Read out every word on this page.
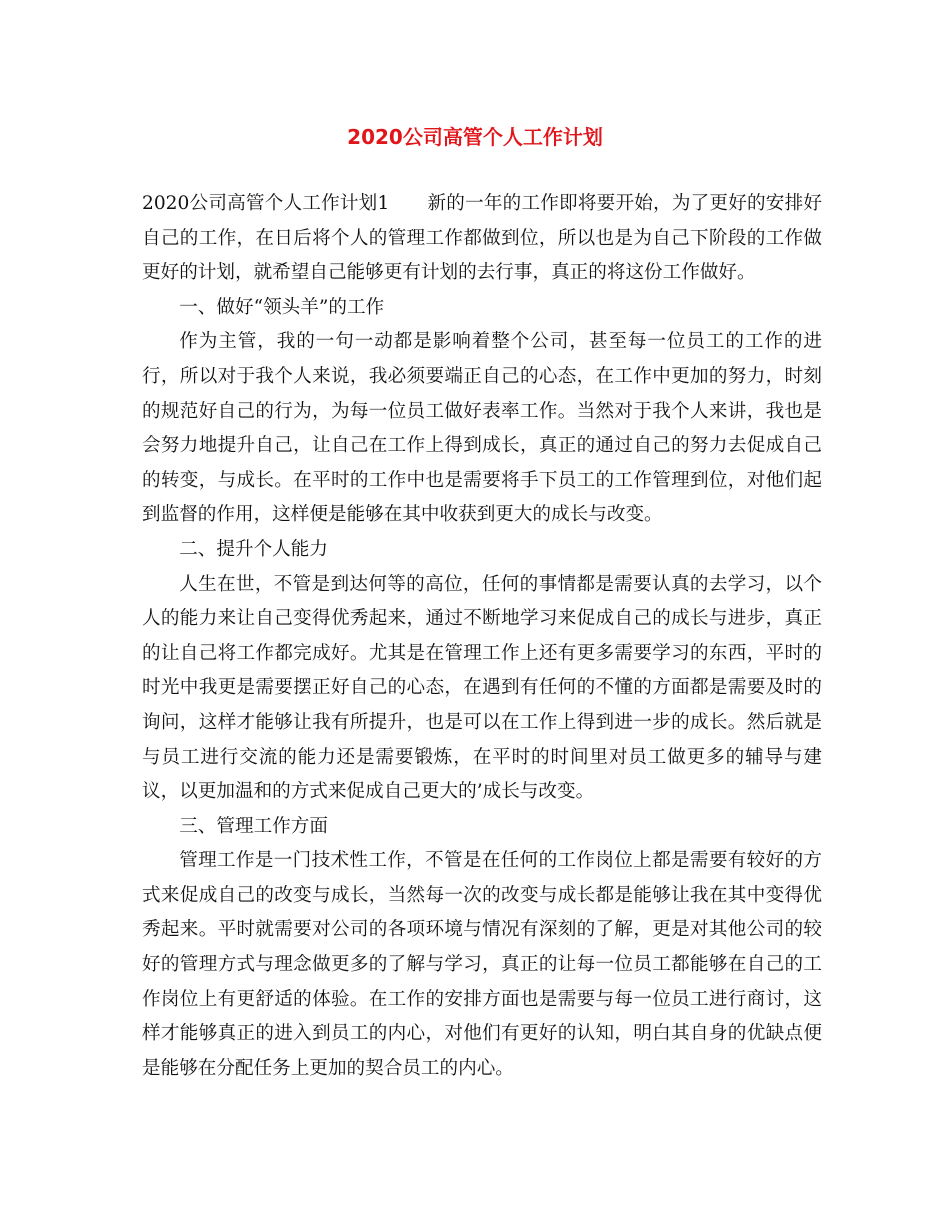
2020公司高管个人工作计划

2020公司高管个人工作计划1 新的一年的工作即将要开始，为了更好的安排好自己的工作，在日后将个人的管理工作都做到位，所以也是为自己下阶段的工作做更好的计划，就希望自己能够更有计划的去行事，真正的将这份工作做好。

一、做好“领头羊”的工作

作为主管，我的一句一动都是影响着整个公司，甚至每一位员工的工作的进行，所以对于我个人来说，我必须要端正自己的心态，在工作中更加的努力，时刻的规范好自己的行为，为每一位员工做好表率工作。当然对于我个人来讲，我也是会努力地提升自己，让自己在工作上得到成长，真正的通过自己的努力去促成自己的转变，与成长。在平时的工作中也是需要将手下员工的工作管理到位，对他们起到监督的作用，这样便是能够在其中收获到更大的成长与改变。

二、提升个人能力

人生在世，不管是到达何等的高位，任何的事情都是需要认真的去学习，以个人的能力来让自己变得优秀起来，通过不断地学习来促成自己的成长与进步，真正的让自己将工作都完成好。尤其是在管理工作上还有更多需要学习的东西，平时的时光中我更是需要摆正好自己的心态，在遇到有任何的不懂的方面都是需要及时的询问，这样才能够让我有所提升，也是可以在工作上得到进一步的成长。然后就是与员工进行交流的能力还是需要锻炼，在平时的时间里对员工做更多的辅导与建议，以更加温和的方式来促成自己更大的’成长与改变。

三、管理工作方面

管理工作是一门技术性工作，不管是在任何的工作岗位上都是需要有较好的方式来促成自己的改变与成长，当然每一次的改变与成长都是能够让我在其中变得优秀起来。平时就需要对公司的各项环境与情况有深刻的了解，更是对其他公司的较好的管理方式与理念做更多的了解与学习，真正的让每一位员工都能够在自己的工作岗位上有更舒适的体验。在工作的安排方面也是需要与每一位员工进行商讨，这样才能够真正的进入到员工的内心，对他们有更好的认知，明白其自身的优缺点便是能够在分配任务上更加的契合员工的内心。
